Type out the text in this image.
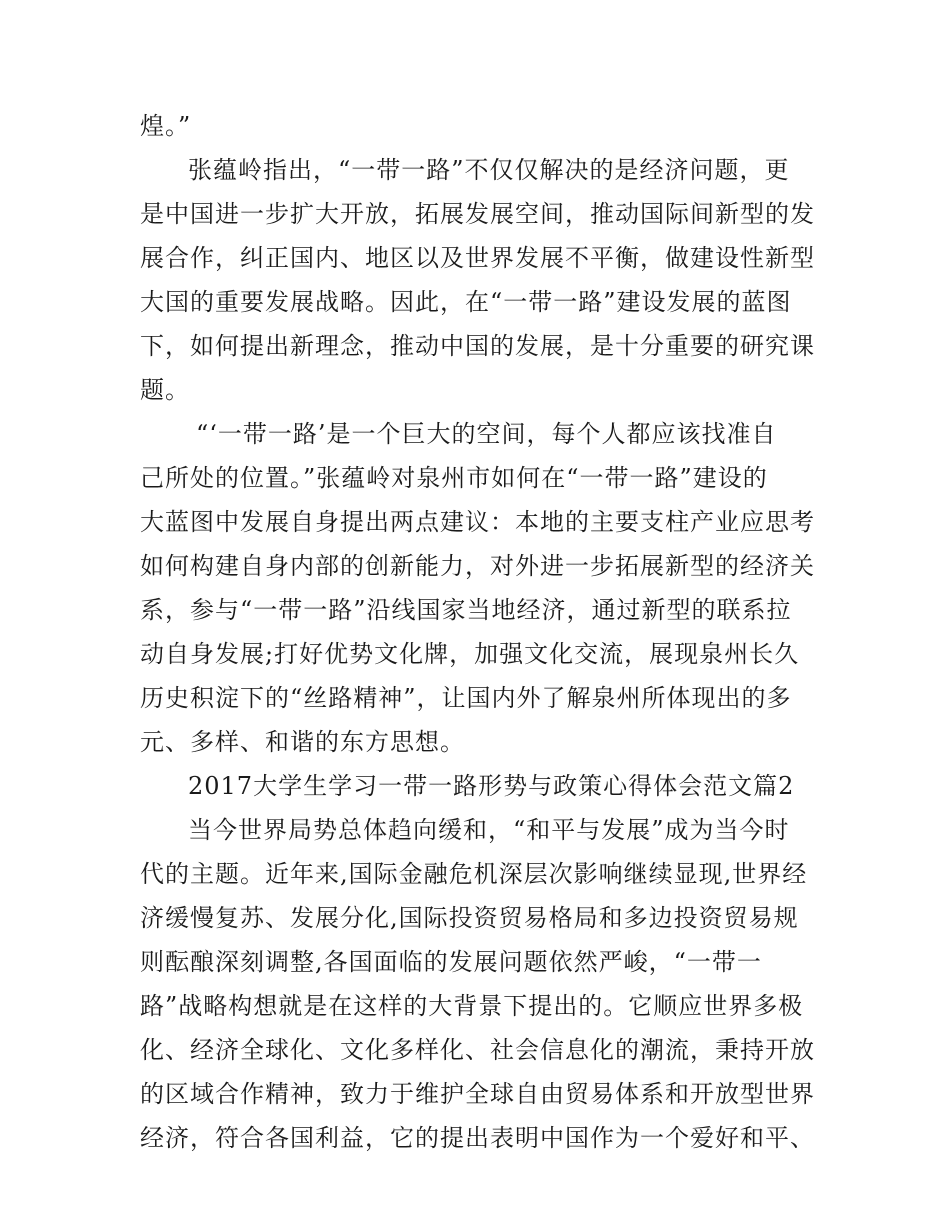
煌。”
张蕴岭指出，“一带一路”不仅仅解决的是经济问题，更
是中国进一步扩大开放，拓展发展空间，推动国际间新型的发
展合作，纠正国内、地区以及世界发展不平衡，做建设性新型
大国的重要发展战略。因此，在“一带一路”建设发展的蓝图
下，如何提出新理念，推动中国的发展，是十分重要的研究课
题。
“‘一带一路’是一个巨大的空间，每个人都应该找准自
己所处的位置。”张蕴岭对泉州市如何在“一带一路”建设的
大蓝图中发展自身提出两点建议：本地的主要支柱产业应思考
如何构建自身内部的创新能力，对外进一步拓展新型的经济关
系，参与“一带一路”沿线国家当地经济，通过新型的联系拉
动自身发展;打好优势文化牌，加强文化交流，展现泉州长久
历史积淀下的“丝路精神”，让国内外了解泉州所体现出的多
元、多样、和谐的东方思想。
2017大学生学习一带一路形势与政策心得体会范文篇2
当今世界局势总体趋向缓和，“和平与发展”成为当今时
代的主题。近年来,国际金融危机深层次影响继续显现,世界经
济缓慢复苏、发展分化,国际投资贸易格局和多边投资贸易规
则酝酿深刻调整,各国面临的发展问题依然严峻，“一带一
路”战略构想就是在这样的大背景下提出的。它顺应世界多极
化、经济全球化、文化多样化、社会信息化的潮流，秉持开放
的区域合作精神，致力于维护全球自由贸易体系和开放型世界
经济，符合各国利益，它的提出表明中国作为一个爱好和平、
